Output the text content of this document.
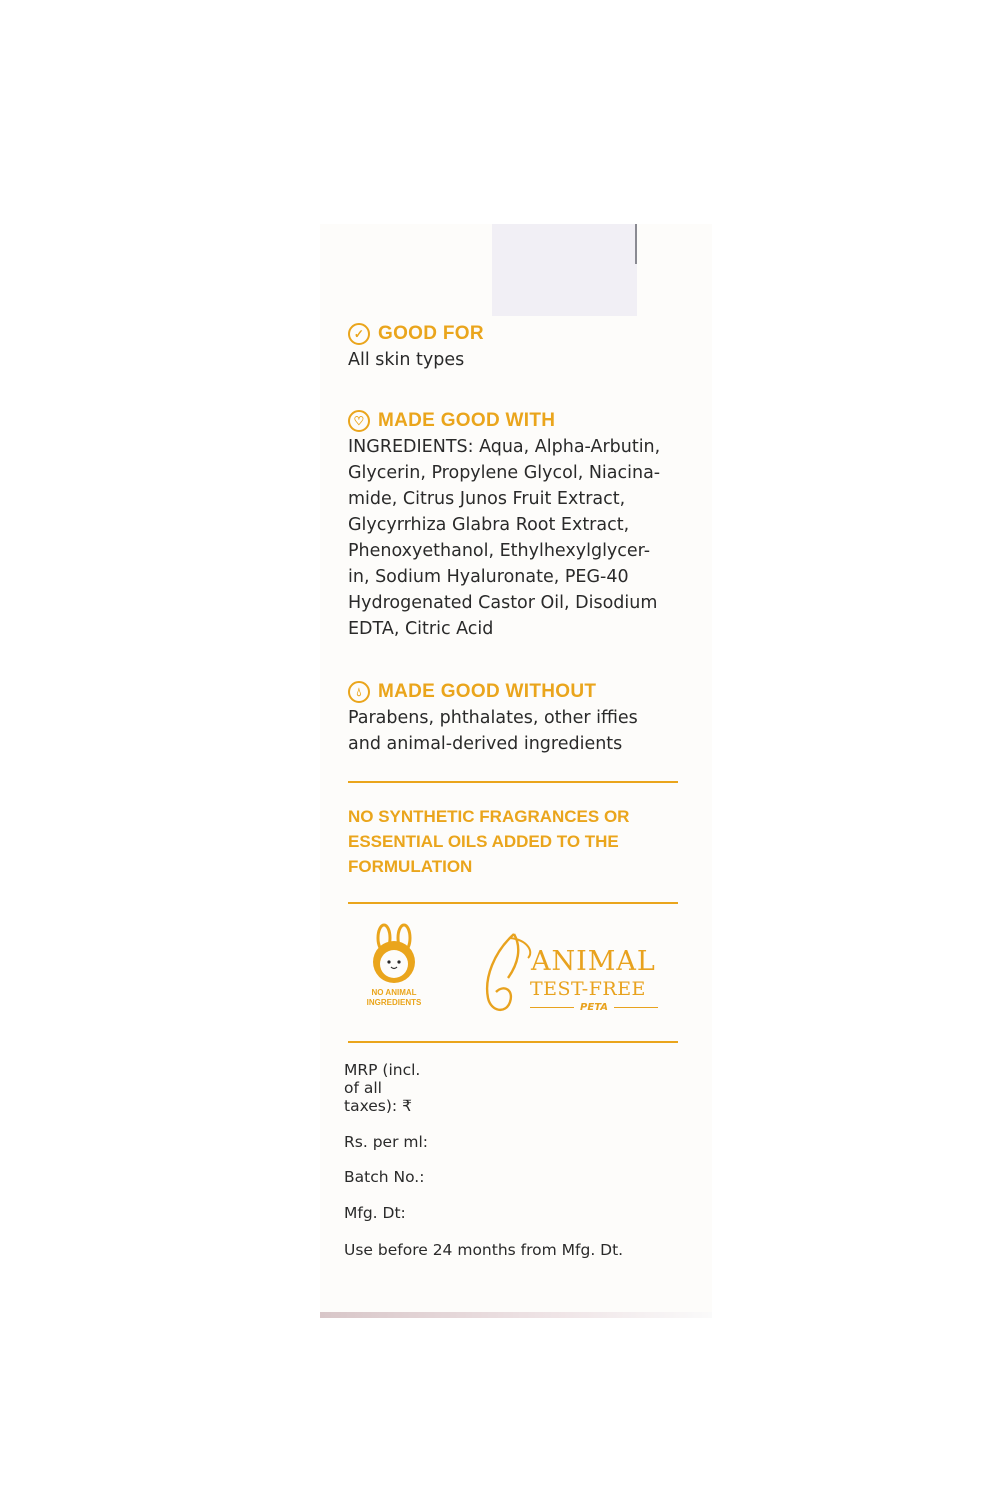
✓ GOOD FOR
All skin types
♡ MADE GOOD WITH
INGREDIENTS: Aqua, Alpha-Arbutin,
Glycerin, Propylene Glycol, Niacina-
mide, Citrus Junos Fruit Extract,
Glycyrrhiza Glabra Root Extract,
Phenoxyethanol, Ethylhexylglycer-
in, Sodium Hyaluronate, PEG-40
Hydrogenated Castor Oil, Disodium
EDTA, Citric Acid
💧︎ MADE GOOD WITHOUT
Parabens, phthalates, other iffies
and animal-derived ingredients
NO SYNTHETIC FRAGRANCES OR
ESSENTIAL OILS ADDED TO THE
FORMULATION
NO ANIMAL
INGREDIENTS
ANIMAL
TEST-FREE
PETA
MRP (incl.
of all
taxes): ₹
Rs. per ml:
Batch No.:
Mfg. Dt:
Use before 24 months from Mfg. Dt.
